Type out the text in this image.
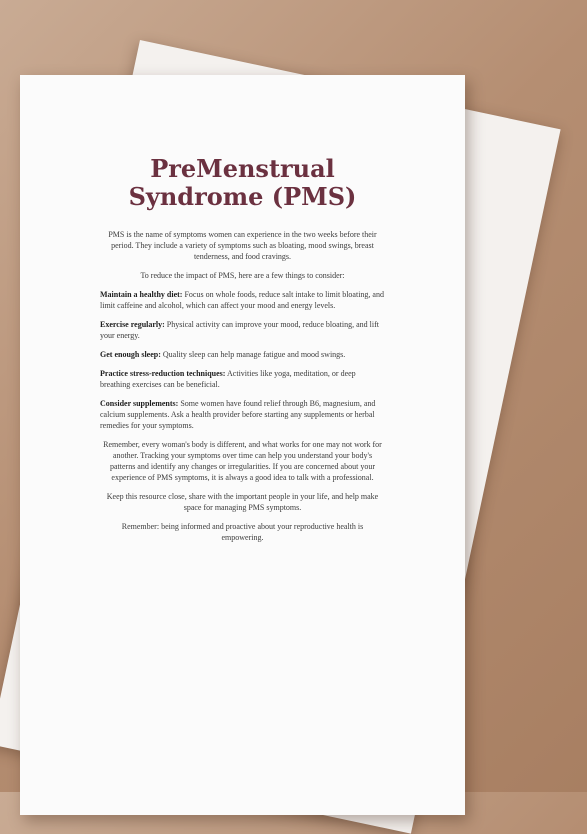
PreMenstrual
Syndrome (PMS)

PMS is the name of symptoms women can experience in the two weeks before their period. They include a variety of symptoms such as bloating, mood swings, breast tenderness, and food cravings.

To reduce the impact of PMS, here are a few things to consider:

Maintain a healthy diet: Focus on whole foods, reduce salt intake to limit bloating, and limit caffeine and alcohol, which can affect your mood and energy levels.

Exercise regularly: Physical activity can improve your mood, reduce bloating, and lift your energy.

Get enough sleep: Quality sleep can help manage fatigue and mood swings.

Practice stress-reduction techniques: Activities like yoga, meditation, or deep breathing exercises can be beneficial.

Consider supplements: Some women have found relief through B6, magnesium, and calcium supplements. Ask a health provider before starting any supplements or herbal remedies for your symptoms.

Remember, every woman's body is different, and what works for one may not work for another. Tracking your symptoms over time can help you understand your body's patterns and identify any changes or irregularities. If you are concerned about your experience of PMS symptoms, it is always a good idea to talk with a professional.

Keep this resource close, share with the important people in your life, and help make space for managing PMS symptoms.

Remember: being informed and proactive about your reproductive health is empowering.
